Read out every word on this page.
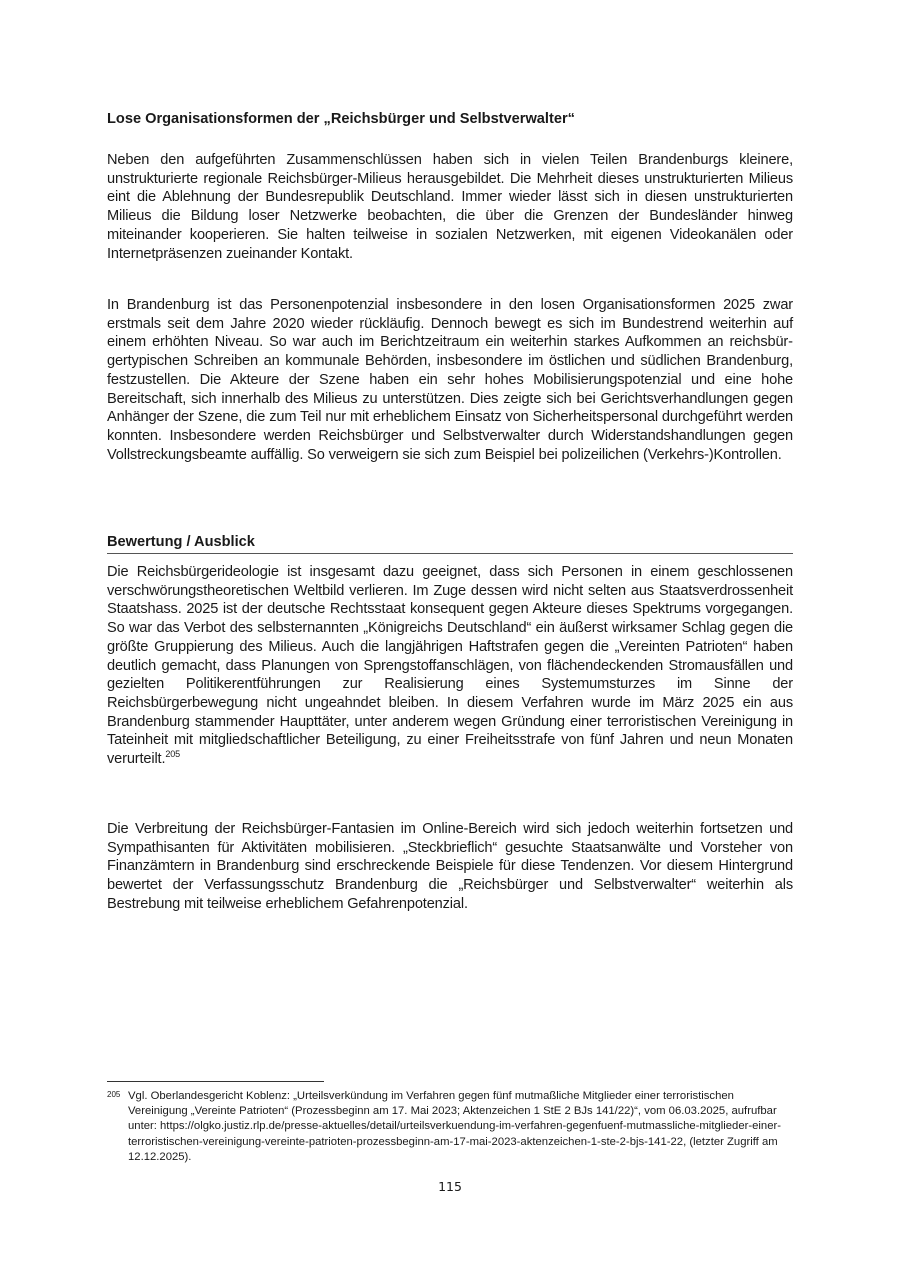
Lose Organisationsformen der „Reichsbürger und Selbstverwalter“
Neben den aufgeführten Zusammenschlüssen haben sich in vielen Teilen Brandenburgs kleinere, unstrukturierte regionale Reichsbürger-Milieus herausgebildet. Die Mehrheit dieses unstrukturierten Milieus eint die Ablehnung der Bundesrepublik Deutschland. Immer wieder lässt sich in diesen unstrukturierten Milieus die Bildung loser Netzwerke beobachten, die über die Grenzen der Bundesländer hinweg miteinander kooperieren. Sie halten teilweise in sozialen Netzwerken, mit eigenen Videokanälen oder Internetpräsenzen zueinander Kontakt.
In Brandenburg ist das Personenpotenzial insbesondere in den losen Organisationsformen 2025 zwar erstmals seit dem Jahre 2020 wieder rückläufig. Dennoch bewegt es sich im Bundestrend weiterhin auf einem erhöhten Niveau. So war auch im Berichtzeitraum ein weiterhin starkes Aufkommen an reichsbürgertypischen Schreiben an kommunale Behörden, insbesondere im östlichen und südlichen Brandenburg, festzustellen. Die Akteure der Szene haben ein sehr hohes Mobilisierungspotenzial und eine hohe Bereitschaft, sich innerhalb des Milieus zu unterstützen. Dies zeigte sich bei Gerichtsverhandlungen gegen Anhänger der Szene, die zum Teil nur mit erheblichem Einsatz von Sicherheitspersonal durchgeführt werden konnten. Insbesondere werden Reichsbürger und Selbstverwalter durch Widerstandshandlungen gegen Vollstreckungsbeamte auffällig. So verweigern sie sich zum Beispiel bei polizeilichen (Verkehrs-)Kontrollen.
Bewertung / Ausblick
Die Reichsbürgerideologie ist insgesamt dazu geeignet, dass sich Personen in einem geschlossenen verschwörungstheoretischen Weltbild verlieren. Im Zuge dessen wird nicht selten aus Staatsverdrossenheit Staatshass. 2025 ist der deutsche Rechtsstaat konsequent gegen Akteure dieses Spektrums vorgegangen. So war das Verbot des selbsternannten „Königreichs Deutschland“ ein äußerst wirksamer Schlag gegen die größte Gruppierung des Milieus. Auch die langjährigen Haftstrafen gegen die „Vereinten Patrioten“ haben deutlich gemacht, dass Planungen von Sprengstoffanschlägen, von flächendeckenden Stromausfällen und gezielten Politikerentführungen zur Realisierung eines Systemumsturzes im Sinne der Reichsbürgerbewegung nicht ungeahndet bleiben. In diesem Verfahren wurde im März 2025 ein aus Brandenburg stammender Haupttäter, unter anderem wegen Gründung einer terroristischen Vereinigung in Tateinheit mit mitgliedschaftlicher Beteiligung, zu einer Freiheitsstrafe von fünf Jahren und neun Monaten verurteilt.$^{205}$
Die Verbreitung der Reichsbürger-Fantasien im Online-Bereich wird sich jedoch weiterhin fortsetzen und Sympathisanten für Aktivitäten mobilisieren. „Steckbrieflich“ gesuchte Staatsanwälte und Vorsteher von Finanzämtern in Brandenburg sind erschreckende Beispiele für diese Tendenzen. Vor diesem Hintergrund bewertet der Verfassungsschutz Brandenburg die „Reichsbürger und Selbstverwalter“ weiterhin als Bestrebung mit teilweise erheblichem Gefahrenpotenzial.
205 Vgl. Oberlandesgericht Koblenz: „Urteilsverkündung im Verfahren gegen fünf mutmaßliche Mitglieder einer terroristischen Vereinigung „Vereinte Patrioten“ (Prozessbeginn am 17. Mai 2023; Aktenzeichen 1 StE 2 BJs 141/22)“, vom 06.03.2025, aufrufbar unter: https://olgko.justiz.rlp.de/presse-aktuelles/detail/urteilsverkuendung-im-verfahren-gegenfuenf-mutmassliche-mitglieder-einer-terroristischen-vereinigung-vereinte-patrioten-prozessbeginn-am-17-mai-2023-aktenzeichen-1-ste-2-bjs-141-22, (letzter Zugriff am 12.12.2025).
115
